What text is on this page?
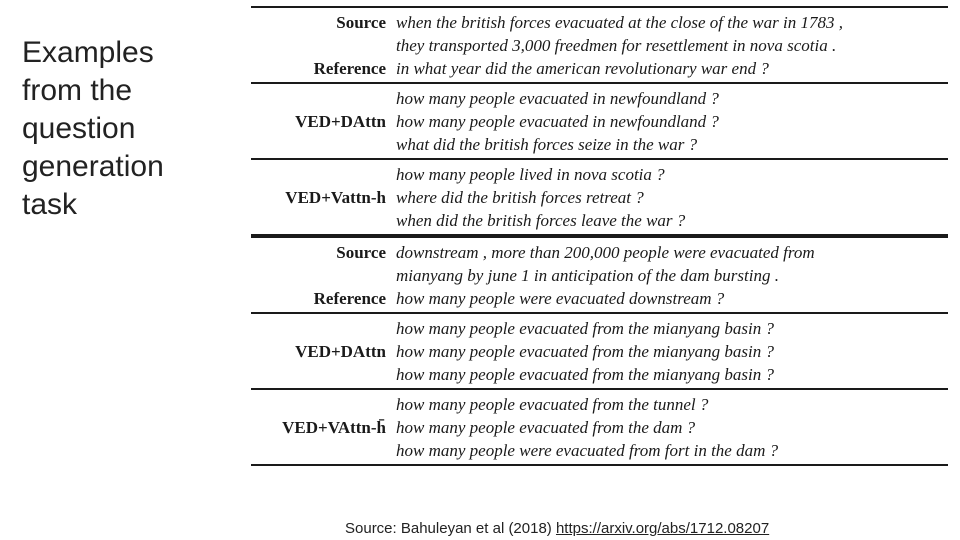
Examples
from the
question
generation
task
Source when the british forces evacuated at the close of the war in 1783 ,
they transported 3,000 freedmen for resettlement in nova scotia .
Reference in what year did the american revolutionary war end ?
VED+DAttn
how many people evacuated in newfoundland ?
how many people evacuated in newfoundland ?
what did the british forces seize in the war ?
VED+Vattn-h
how many people lived in nova scotia ?
where did the british forces retreat ?
when did the british forces leave the war ?
Source downstream , more than 200,000 people were evacuated from
mianyang by june 1 in anticipation of the dam bursting .
Reference how many people were evacuated downstream ?
VED+DAttn
how many people evacuated from the mianyang basin ?
how many people evacuated from the mianyang basin ?
how many people evacuated from the mianyang basin ?
VED+VAttn-h̄
how many people evacuated from the tunnel ?
how many people evacuated from the dam ?
how many people were evacuated from fort in the dam ?
Source: Bahuleyan et al (2018) https://arxiv.org/abs/1712.08207
